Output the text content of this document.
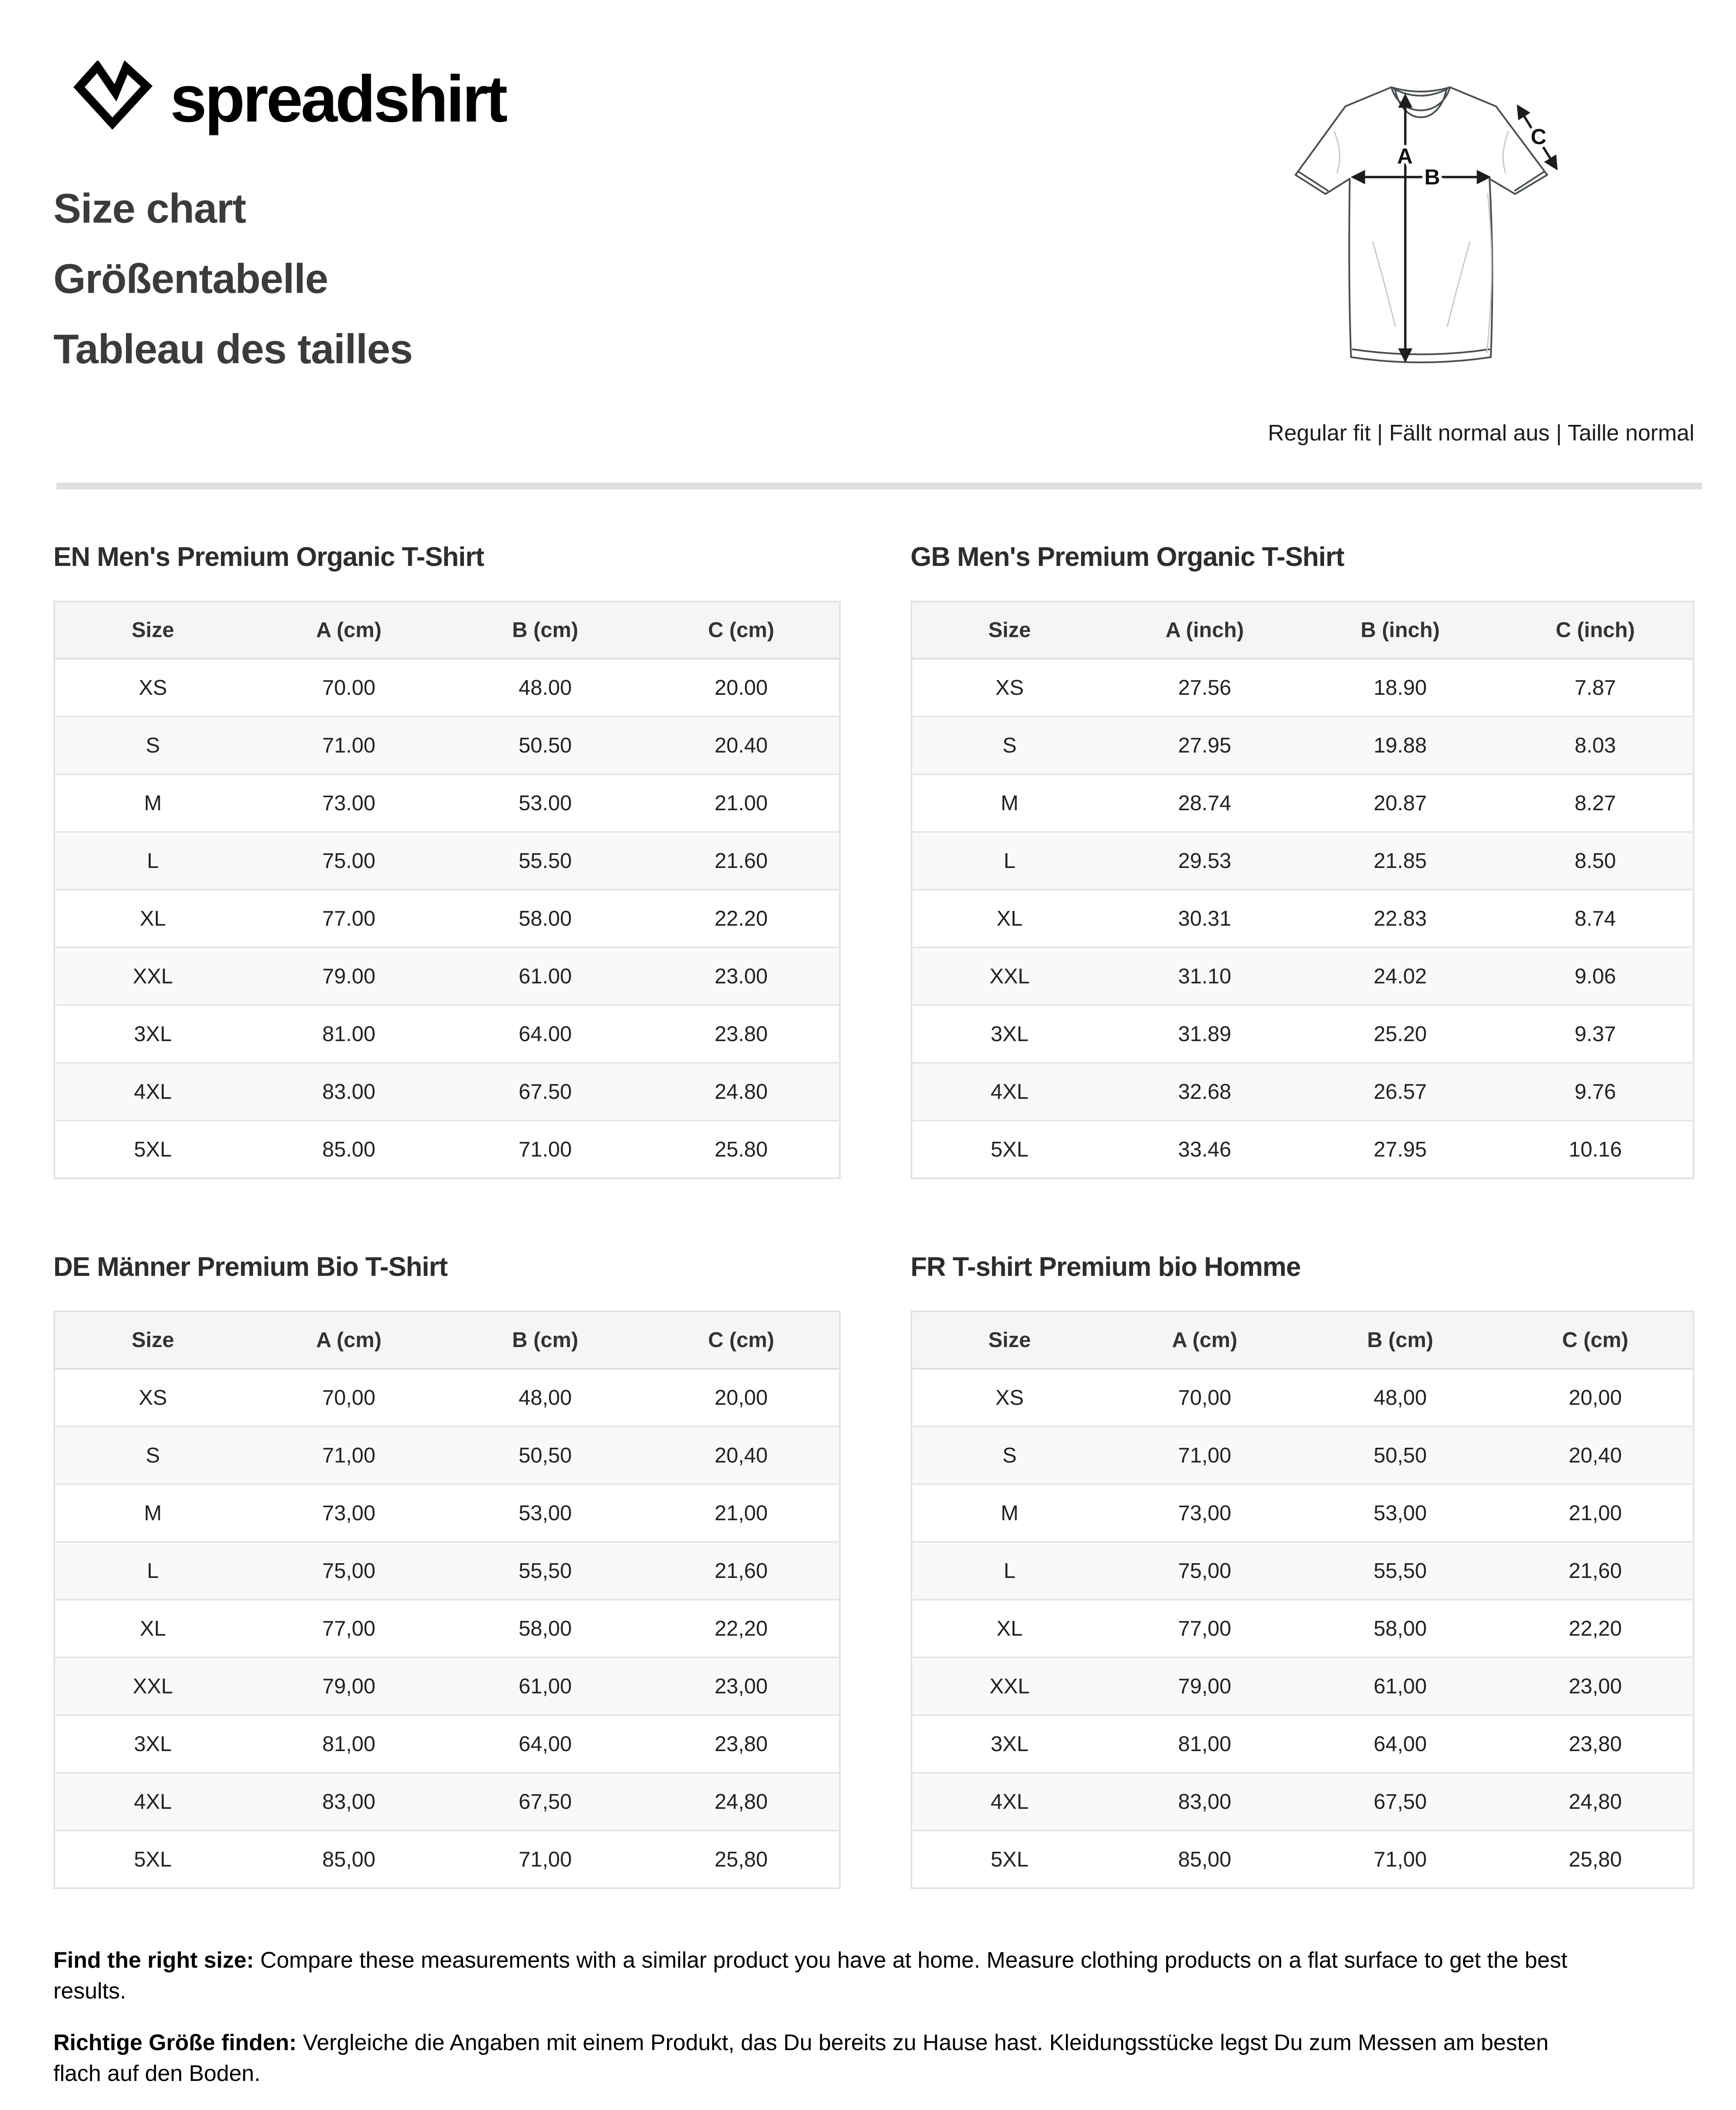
spreadshirt
Size chart
Größentabelle
Tableau des tailles
A
B
C
Regular fit | Fällt normal aus | Taille normal
EN Men's Premium Organic T-Shirt
Size	A (cm)	B (cm)	C (cm)
XS	70.00	48.00	20.00
S	71.00	50.50	20.40
M	73.00	53.00	21.00
L	75.00	55.50	21.60
XL	77.00	58.00	22.20
XXL	79.00	61.00	23.00
3XL	81.00	64.00	23.80
4XL	83.00	67.50	24.80
5XL	85.00	71.00	25.80
GB Men's Premium Organic T-Shirt
Size	A (inch)	B (inch)	C (inch)
XS	27.56	18.90	7.87
S	27.95	19.88	8.03
M	28.74	20.87	8.27
L	29.53	21.85	8.50
XL	30.31	22.83	8.74
XXL	31.10	24.02	9.06
3XL	31.89	25.20	9.37
4XL	32.68	26.57	9.76
5XL	33.46	27.95	10.16
DE Männer Premium Bio T-Shirt
Size	A (cm)	B (cm)	C (cm)
XS	70,00	48,00	20,00
S	71,00	50,50	20,40
M	73,00	53,00	21,00
L	75,00	55,50	21,60
XL	77,00	58,00	22,20
XXL	79,00	61,00	23,00
3XL	81,00	64,00	23,80
4XL	83,00	67,50	24,80
5XL	85,00	71,00	25,80
FR T-shirt Premium bio Homme
Size	A (cm)	B (cm)	C (cm)
XS	70,00	48,00	20,00
S	71,00	50,50	20,40
M	73,00	53,00	21,00
L	75,00	55,50	21,60
XL	77,00	58,00	22,20
XXL	79,00	61,00	23,00
3XL	81,00	64,00	23,80
4XL	83,00	67,50	24,80
5XL	85,00	71,00	25,80

Find the right size: Compare these measurements with a similar product you have at home. Measure clothing products on a flat surface to get the best results.

Richtige Größe finden: Vergleiche die Angaben mit einem Produkt, das Du bereits zu Hause hast. Kleidungsstücke legst Du zum Messen am besten flach auf den Boden.
